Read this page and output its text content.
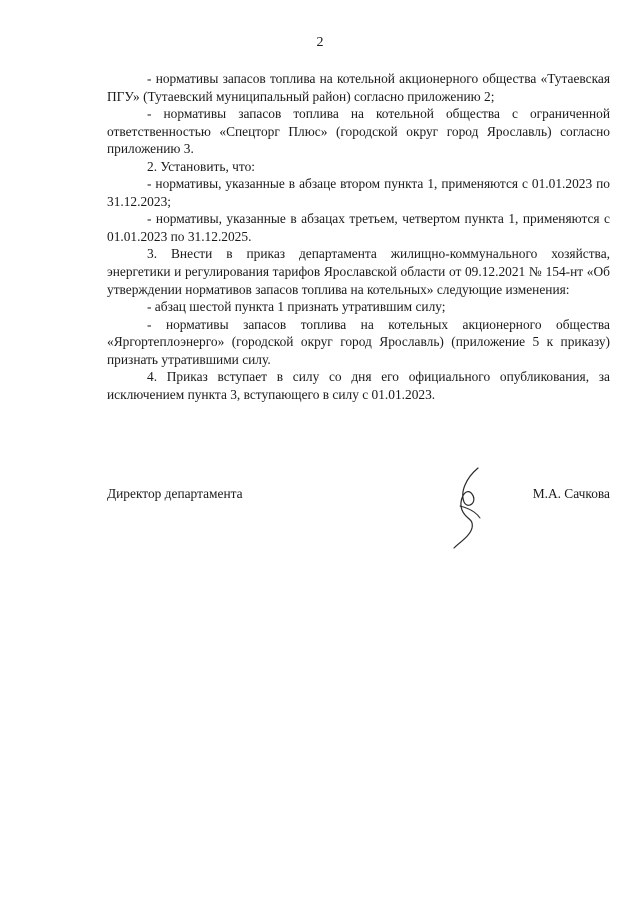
2

- нормативы запасов топлива на котельной акционерного общества «Тутаевская ПГУ» (Тутаевский муниципальный район) согласно приложению 2;

- нормативы запасов топлива на котельной общества с ограниченной ответственностью «Спецторг Плюс» (городской округ город Ярославль) согласно приложению 3.

2. Установить, что:

- нормативы, указанные в абзаце втором пункта 1, применяются с 01.01.2023 по 31.12.2023;

- нормативы, указанные в абзацах третьем, четвертом пункта 1, применяются с 01.01.2023 по 31.12.2025.

3. Внести в приказ департамента жилищно-коммунального хозяйства, энергетики и регулирования тарифов Ярославской области от 09.12.2021 № 154-нт «Об утверждении нормативов запасов топлива на котельных» следующие изменения:

- абзац шестой пункта 1 признать утратившим силу;

- нормативы запасов топлива на котельных акционерного общества «Яргортеплоэнерго» (городской округ город Ярославль) (приложение 5 к приказу) признать утратившими силу.

4. Приказ вступает в силу со дня его официального опубликования, за исключением пункта 3, вступающего в силу с 01.01.2023.

Директор департамента	М.А. Сачкова
